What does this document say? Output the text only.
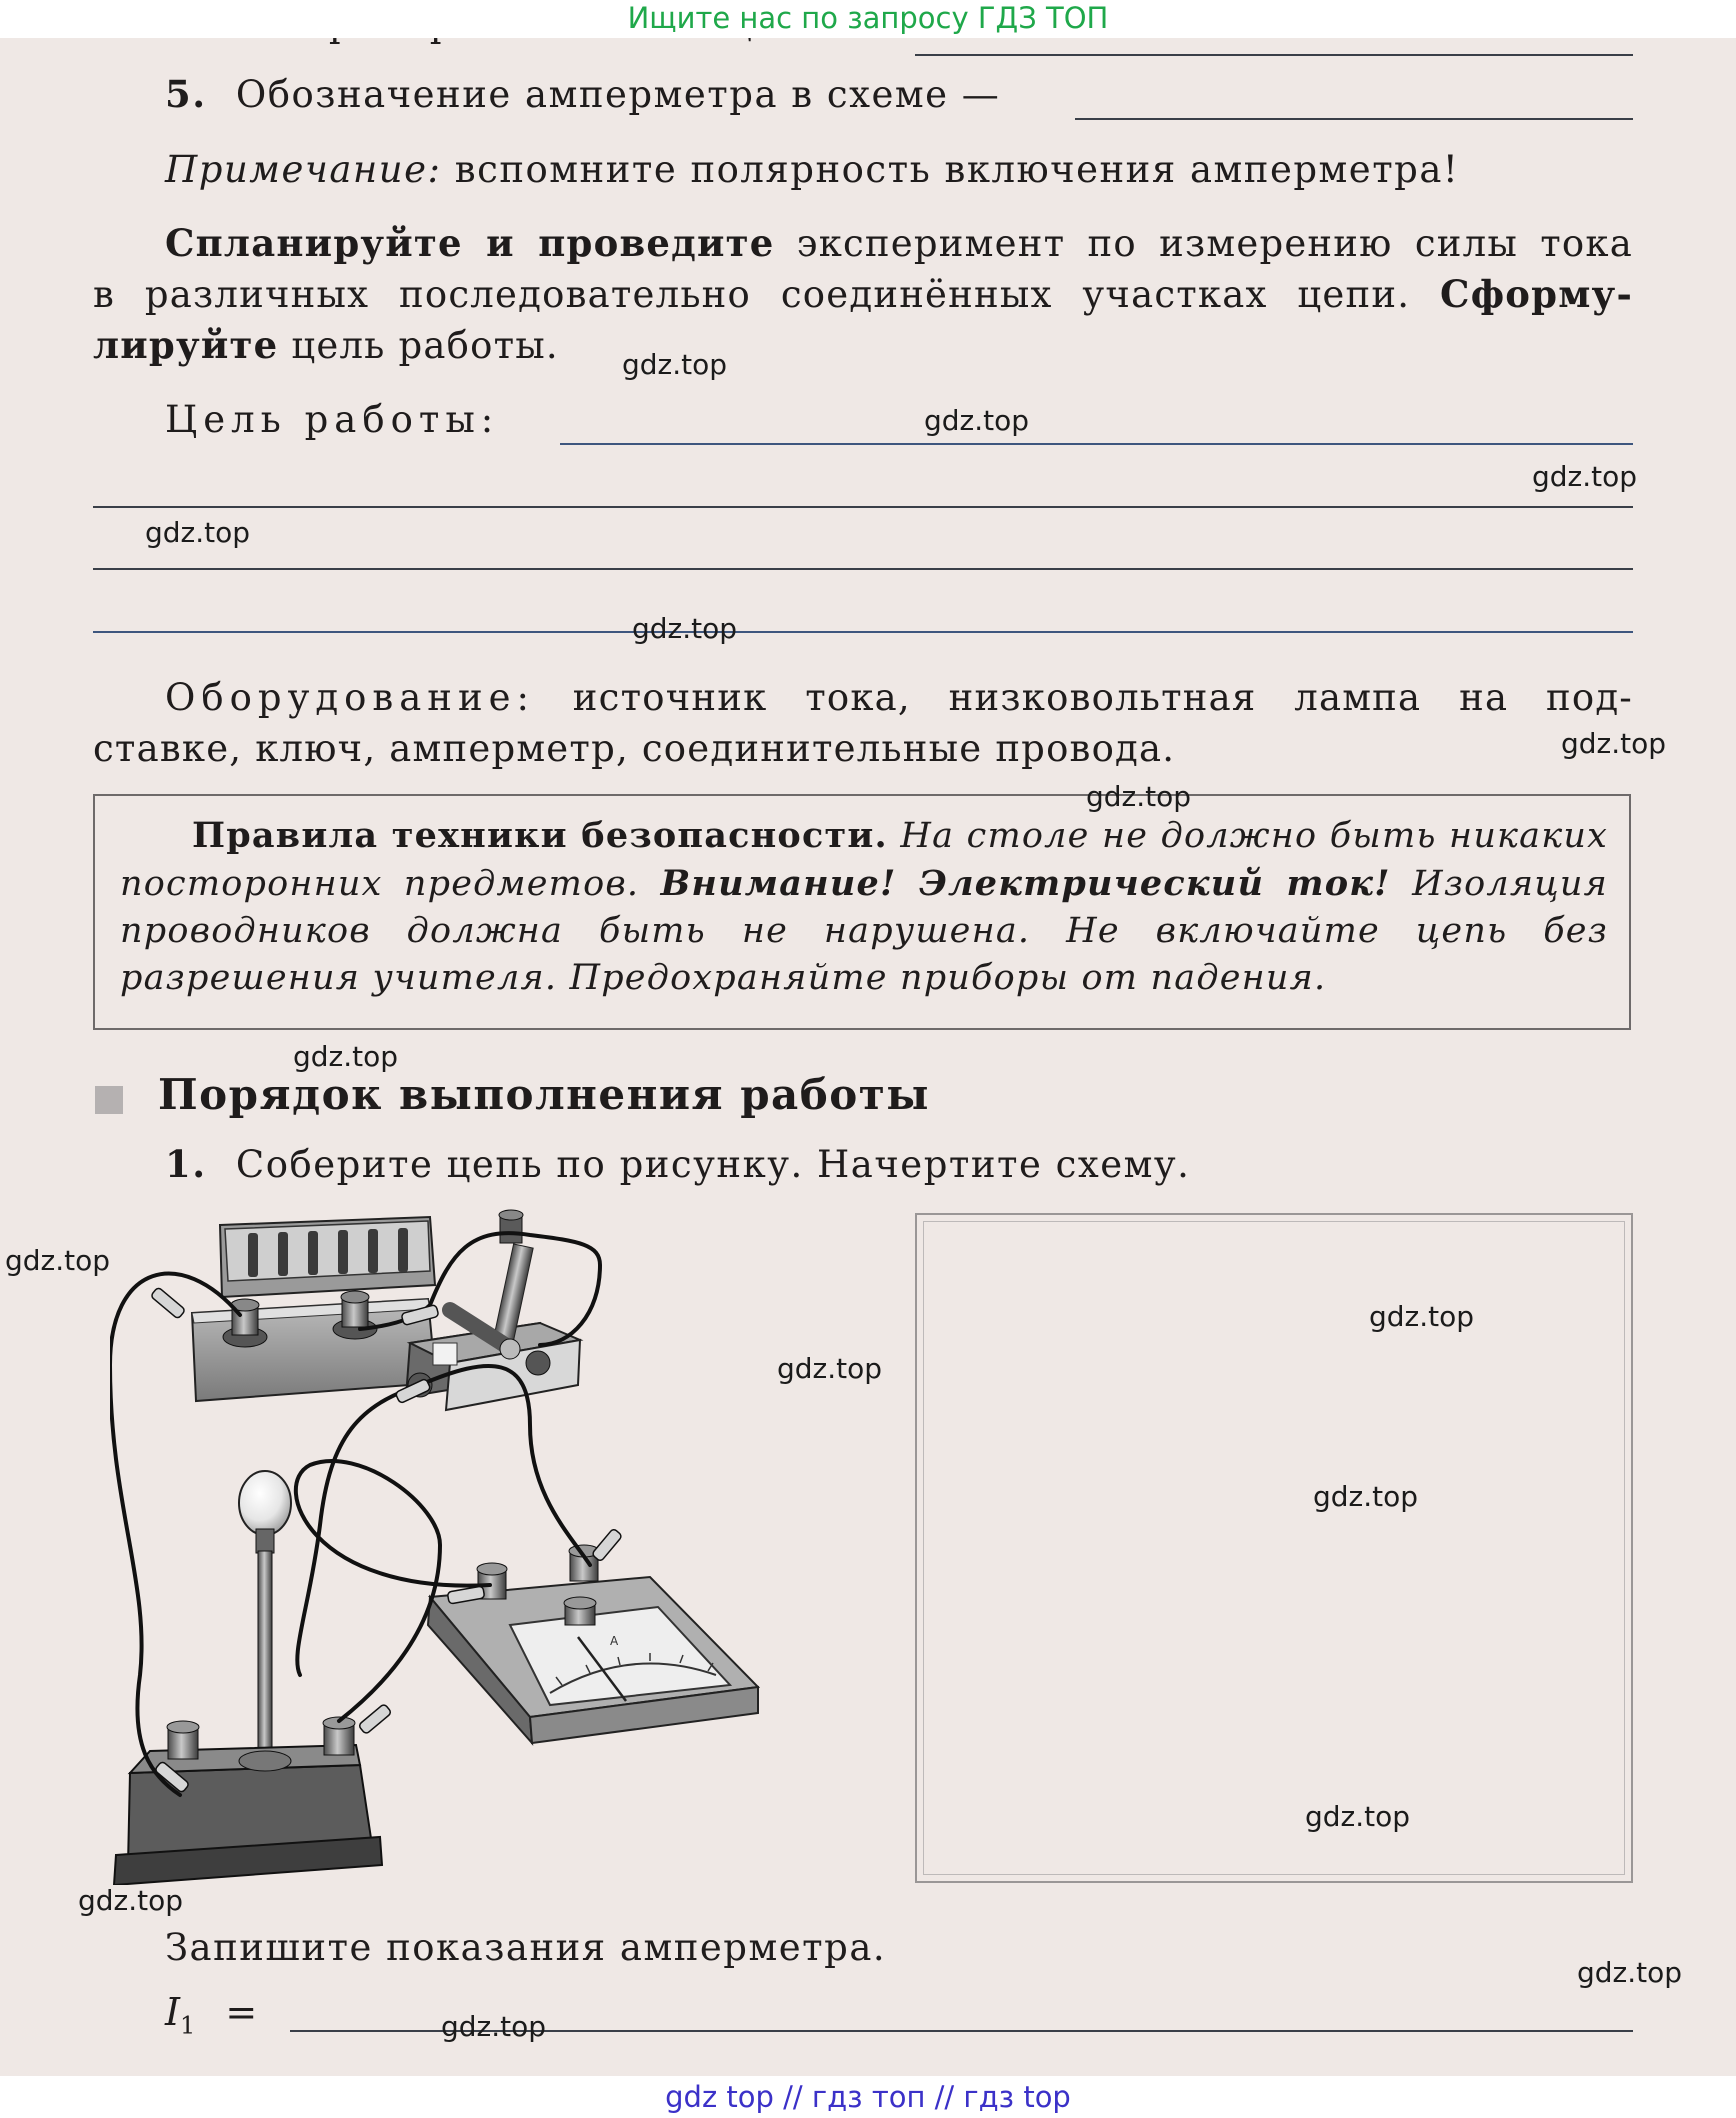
Ищите нас по запросу ГДЗ ТОП
5. Обозначение амперметра в схеме —
Примечание: вспомните полярность включения амперметра!
Спланируйте и проведите эксперимент по измерению силы тока
в различных последовательно соединённых участках цепи. Сформу-
лируйте цель работы.
Цель работы:
Оборудование: источник тока, низковольтная лампа на под-
ставке, ключ, амперметр, соединительные провода.
Правила техники безопасности. На столе не должно быть никаких посторонних предметов. Внимание! Электрический ток! Изоляция проводников должна быть не нарушена. Не включайте цепь без разрешения учителя. Предохраняйте приборы от падения.
Порядок выполнения работы
1. Соберите цепь по рисунку. Начертите схему.
A
Запишите показания амперметра.
$I_1$ =
gdz.top
gdz.top
gdz.top
gdz.top
gdz.top
gdz.top
gdz.top
gdz.top
gdz.top
gdz.top
gdz.top
gdz.top
gdz.top
gdz.top
gdz.top
gdz.top
gdz top // гдз топ // гдз top
